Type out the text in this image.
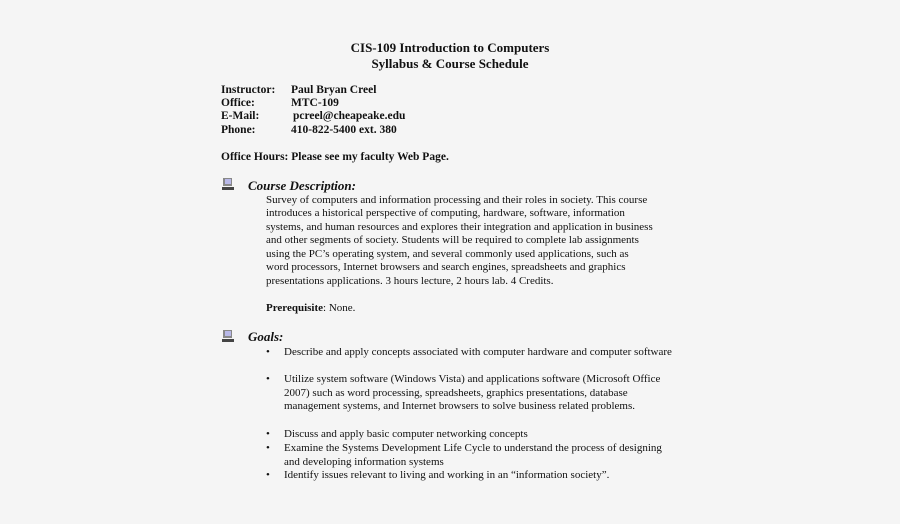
CIS-109 Introduction to Computers
Syllabus & Course Schedule
Instructor: Paul Bryan Creel
Office:	MTC-109
E-Mail:	pcreel@cheapeake.edu
Phone:	410-822-5400 ext. 380
Office Hours: Please see my faculty Web Page.
Course Description:
Survey of computers and information processing and their roles in society. This course
introduces a historical perspective of computing, hardware, software, information
systems, and human resources and explores their integration and application in business
and other segments of society. Students will be required to complete lab assignments
using the PC’s operating system, and several commonly used applications, such as
word processors, Internet browsers and search engines, spreadsheets and graphics
presentations applications. 3 hours lecture, 2 hours lab. 4 Credits.
Prerequisite: None.
Goals:
• Describe and apply concepts associated with computer hardware and computer software
• Utilize system software (Windows Vista) and applications software (Microsoft Office 2007) such as word processing, spreadsheets, graphics presentations, database management systems, and Internet browsers to solve business related problems.
• Discuss and apply basic computer networking concepts
• Examine the Systems Development Life Cycle to understand the process of designing and developing information systems
• Identify issues relevant to living and working in an “information society”.
